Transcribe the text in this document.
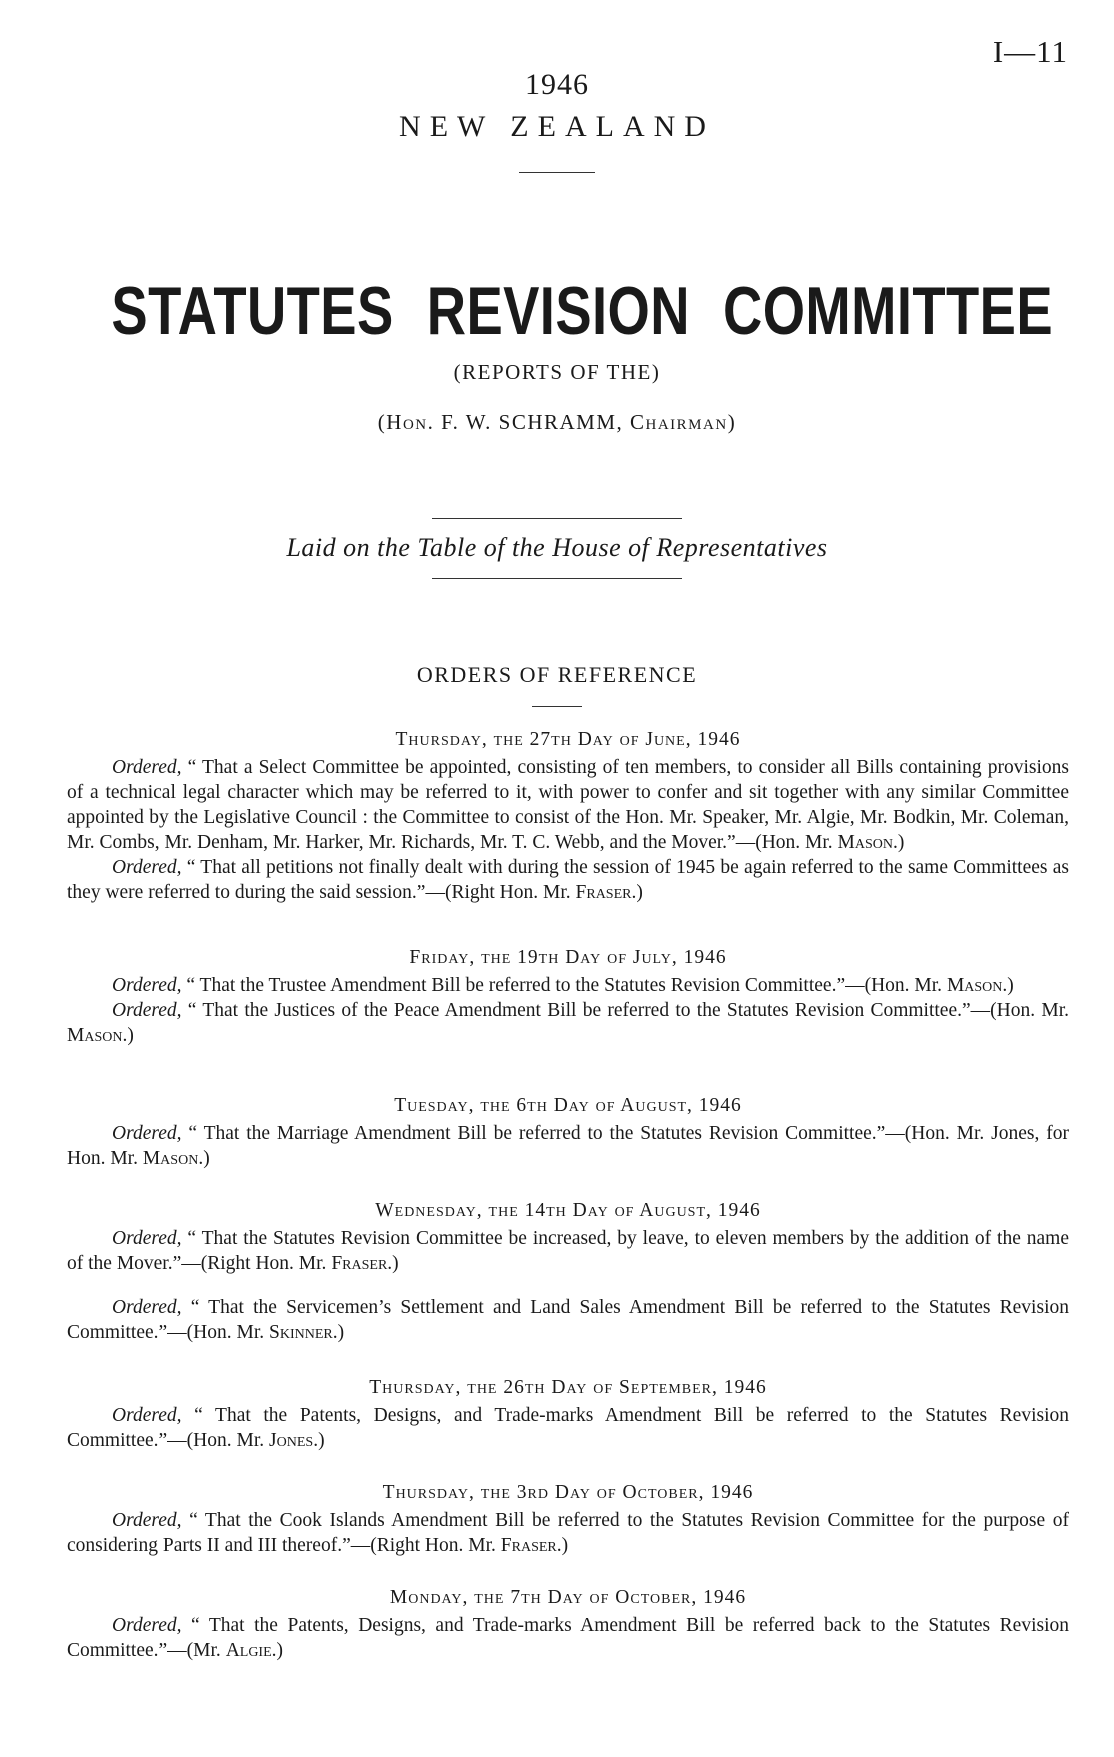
I—11
1946
NEW ZEALAND
STATUTES REVISION COMMITTEE
(REPORTS OF THE)
(Hon. F. W. SCHRAMM, Chairman)
Laid on the Table of the House of Representatives
ORDERS OF REFERENCE
Thursday, the 27th Day of June, 1946

Ordered, “ That a Select Committee be appointed, consisting of ten members, to consider all Bills containing provisions of a technical legal character which may be referred to it, with power to confer and sit together with any similar Committee appointed by the Legislative Council : the Committee to consist of the Hon. Mr. Speaker, Mr. Algie, Mr. Bodkin, Mr. Coleman, Mr. Combs, Mr. Denham, Mr. Harker, Mr. Richards, Mr. T. C. Webb, and the Mover.”—(Hon. Mr. Mason.)

Ordered, “ That all petitions not finally dealt with during the session of 1945 be again referred to the same Committees as they were referred to during the said session.”—(Right Hon. Mr. Fraser.)

Friday, the 19th Day of July, 1946

Ordered, “ That the Trustee Amendment Bill be referred to the Statutes Revision Committee.”—(Hon. Mr. Mason.)

Ordered, “ That the Justices of the Peace Amendment Bill be referred to the Statutes Revision Committee.”—(Hon. Mr. Mason.)

Tuesday, the 6th Day of August, 1946

Ordered, “ That the Marriage Amendment Bill be referred to the Statutes Revision Committee.”—(Hon. Mr. Jones, for Hon. Mr. Mason.)

Wednesday, the 14th Day of August, 1946

Ordered, “ That the Statutes Revision Committee be increased, by leave, to eleven members by the addition of the name of the Mover.”—(Right Hon. Mr. Fraser.)

Ordered, “ That the Servicemen’s Settlement and Land Sales Amendment Bill be referred to the Statutes Revision Committee.”—(Hon. Mr. Skinner.)

Thursday, the 26th Day of September, 1946

Ordered, “ That the Patents, Designs, and Trade-marks Amendment Bill be referred to the Statutes Revision Committee.”—(Hon. Mr. Jones.)

Thursday, the 3rd Day of October, 1946

Ordered, “ That the Cook Islands Amendment Bill be referred to the Statutes Revision Committee for the purpose of considering Parts II and III thereof.”—(Right Hon. Mr. Fraser.)

Monday, the 7th Day of October, 1946

Ordered, “ That the Patents, Designs, and Trade-marks Amendment Bill be referred back to the Statutes Revision Committee.”—(Mr. Algie.)
